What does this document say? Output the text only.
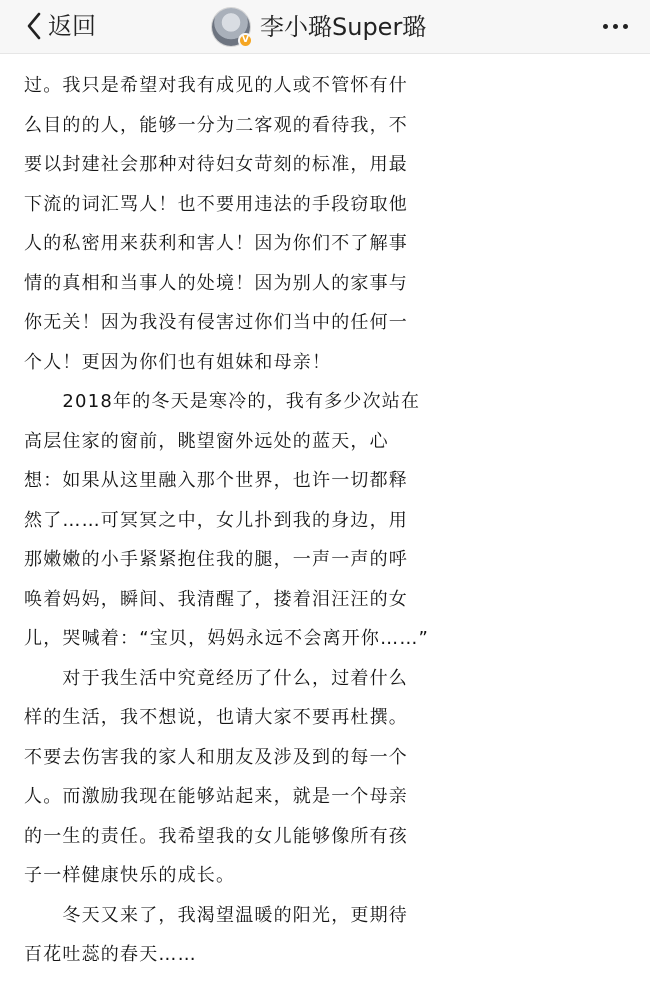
返回	V 李小璐Super璐
过。我只是希望对我有成见的人或不管怀有什
么目的的人，能够一分为二客观的看待我，不
要以封建社会那种对待妇女苛刻的标准，用最
下流的词汇骂人！也不要用违法的手段窃取他
人的私密用来获利和害人！因为你们不了解事
情的真相和当事人的处境！因为别人的家事与
你无关！因为我没有侵害过你们当中的任何一
个人！更因为你们也有姐妹和母亲！
　　2018年的冬天是寒冷的，我有多少次站在
高层住家的窗前，眺望窗外远处的蓝天，心
想：如果从这里融入那个世界，也许一切都释
然了……可冥冥之中，女儿扑到我的身边，用
那嫩嫩的小手紧紧抱住我的腿，一声一声的呼
唤着妈妈，瞬间、我清醒了，搂着泪汪汪的女
儿，哭喊着：“宝贝，妈妈永远不会离开你……”
　　对于我生活中究竟经历了什么，过着什么
样的生活，我不想说，也请大家不要再杜撰。
不要去伤害我的家人和朋友及涉及到的每一个
人。而激励我现在能够站起来，就是一个母亲
的一生的责任。我希望我的女儿能够像所有孩
子一样健康快乐的成长。
　　冬天又来了，我渴望温暖的阳光，更期待
百花吐蕊的春天……
